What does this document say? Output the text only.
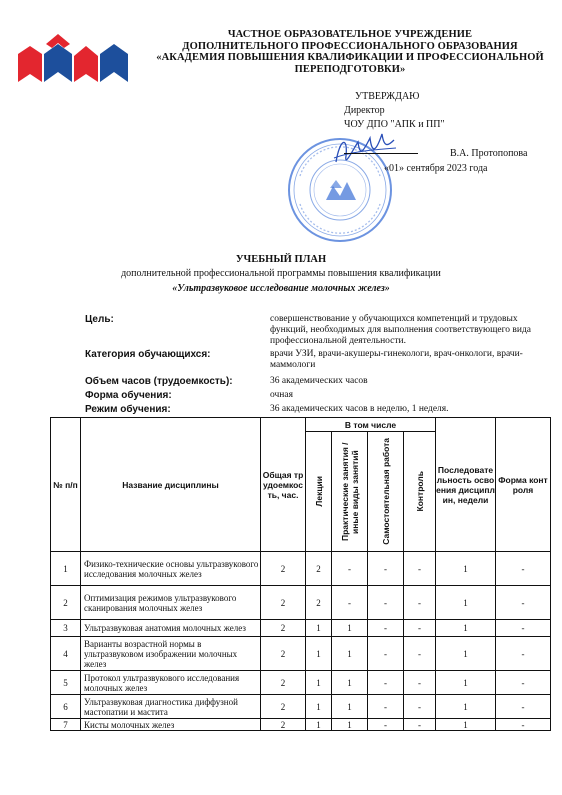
ЧАСТНОЕ ОБРАЗОВАТЕЛЬНОЕ УЧРЕЖДЕНИЕ
ДОПОЛНИТЕЛЬНОГО ПРОФЕССИОНАЛЬНОГО ОБРАЗОВАНИЯ
«АКАДЕМИЯ ПОВЫШЕНИЯ КВАЛИФИКАЦИИ И ПРОФЕССИОНАЛЬНОЙ
ПЕРЕПОДГОТОВКИ»
УТВЕРЖДАЮ
Директор
ЧОУ ДПО "АПК и ПП"
В.А. Протопопова
«01» сентября 2023 года
УЧЕБНЫЙ ПЛАН
дополнительной профессиональной программы повышения квалификации
«Ультразвуковое исследование молочных желез»
Цель:	совершенствование у обучающихся компетенций и трудовых функций, необходимых для выполнения соответствующего вида профессиональной деятельности.
Категория обучающихся:	врачи УЗИ, врачи-акушеры-гинекологи, врач-онкологи, врачи-маммологи
Объем часов (трудоемкость):	36 академических часов
Форма обучения:	очная
Режим обучения:	36 академических часов в неделю, 1 неделя.
№ п/п	Название дисциплины	Общая трудоемкость, час.	В том числе				Последовательность освоения дисциплин, недели	Форма контроля

			Лекции	Практические занятия / иные виды занятий	Самостоятельная работа	Контроль		

1	Физико-технические основы ультразвукового исследования молочных желез	2	2	-	-	-	1	-
2	Оптимизация режимов ультразвукового сканирования молочных желез	2	2	-	-	-	1	-
3	Ультразвуковая анатомия молочных желез	2	1	1	-	-	1	-
4	Варианты возрастной нормы в ультразвуковом изображении молочных желез	2	1	1	-	-	1	-
5	Протокол ультразвукового исследования молочных желез	2	1	1	-	-	1	-
6	Ультразвуковая диагностика диффузной мастопатии и мастита	2	1	1	-	-	1	-
7	Кисты молочных желез	2	1	1	-	-	1	-
